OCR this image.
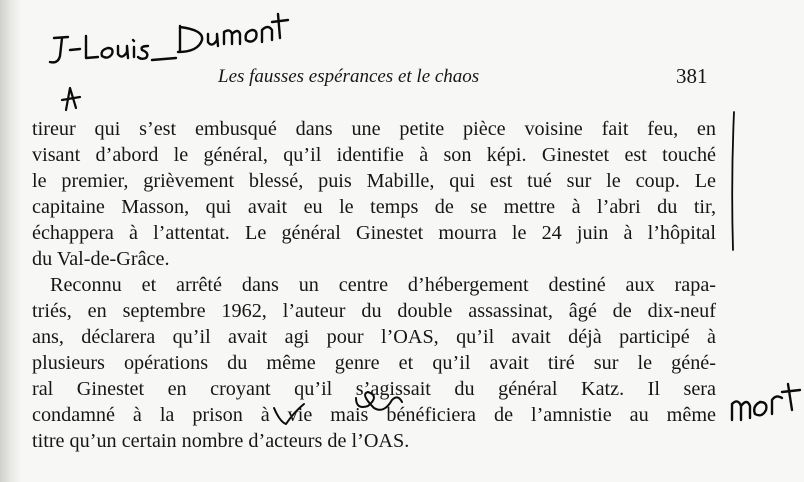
Les fausses espérances et le chaos	381

tireur qui s’est embusqué dans une petite pièce voisine fait feu, en
visant d’abord le général, qu’il identifie à son képi. Ginestet est touché
le premier, grièvement blessé, puis Mabille, qui est tué sur le coup. Le
capitaine Masson, qui avait eu le temps de se mettre à l’abri du tir,
échappera à l’attentat. Le général Ginestet mourra le 24 juin à l’hôpital
du Val-de-Grâce.

Reconnu et arrêté dans un centre d’hébergement destiné aux rapa-
triés, en septembre 1962, l’auteur du double assassinat, âgé de dix-neuf
ans, déclarera qu’il avait agi pour l’OAS, qu’il avait déjà participé à
plusieurs opérations du même genre et qu’il avait tiré sur le géné-
ral Ginestet en croyant qu’il s’agissait du général Katz. Il sera
condamné à la prison à vie mais bénéficiera de l’amnistie au même
titre qu’un certain nombre d’acteurs de l’OAS.
